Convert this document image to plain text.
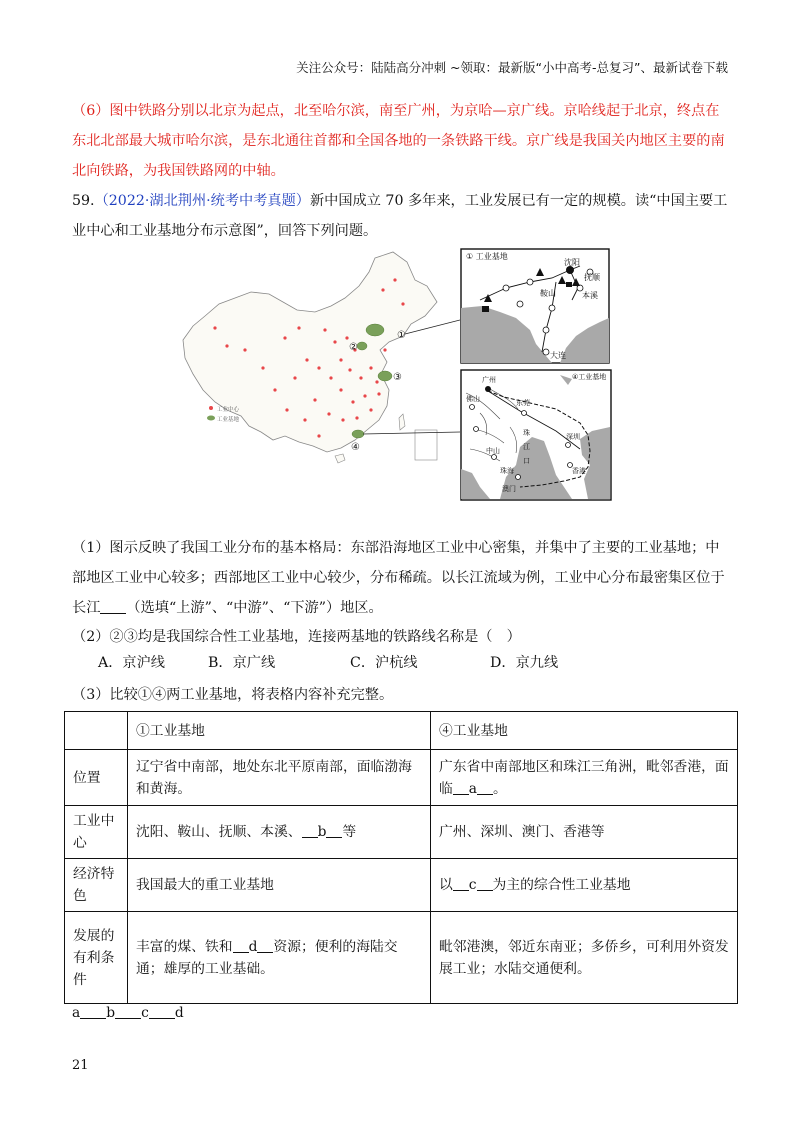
关注公众号：陆陆高分冲刺 ~领取：最新版“小中高考-总复习”、最新试卷下载
（6）图中铁路分别以北京为起点，北至哈尔滨，南至广州，为京哈—京广线。京哈线起于北京，终点在东北北部最大城市哈尔滨，是东北通往首都和全国各地的一条铁路干线。京广线是我国关内地区主要的南北向铁路，为我国铁路网的中轴。
59.（2022·湖北荆州·统考中考真题）新中国成立 70 多年来，工业发展已有一定的规模。读“中国主要工
业中心和工业基地分布示意图”，回答下列问题。
工业中心
工业基地
①
②
③
④
① 工业基地
沈阳
抚顺
鞍山	本溪
大连
④工业基地
广州
佛山	东莞
珠
江
口
中山
深圳
珠海
澳门
香港
（1）图示反映了我国工业分布的基本格局：东部沿海地区工业中心密集，并集中了主要的工业基地；中
部地区工业中心较多；西部地区工业中心较少，分布稀疏。以长江流域为例，工业中心分布最密集区位于
长江 （选填“上游”、“中游”、“下游”）地区。
（2）②③均是我国综合性工业基地，连接两基地的铁路线名称是（　）
A．京沪线	B．京广线	C．沪杭线	D．京九线
（3）比较①④两工业基地，将表格内容补充完整。
	①工业基地	④工业基地
位置	辽宁省中南部，地处东北平原南部，面临渤海和黄海。	广东省中南部地区和珠江三角洲，毗邻香港，面临 a 。
工业中心	沈阳、鞍山、抚顺、本溪、 b 等	广州、深圳、澳门、香港等
经济特色	我国最大的重工业基地	以 c 为主的综合性工业基地
发展的有利条件	丰富的煤、铁和 d 资源；便利的海陆交通；雄厚的工业基础。	毗邻港澳，邻近东南亚；多侨乡，可利用外资发展工业；水陆交通便利。
a b c d
21
